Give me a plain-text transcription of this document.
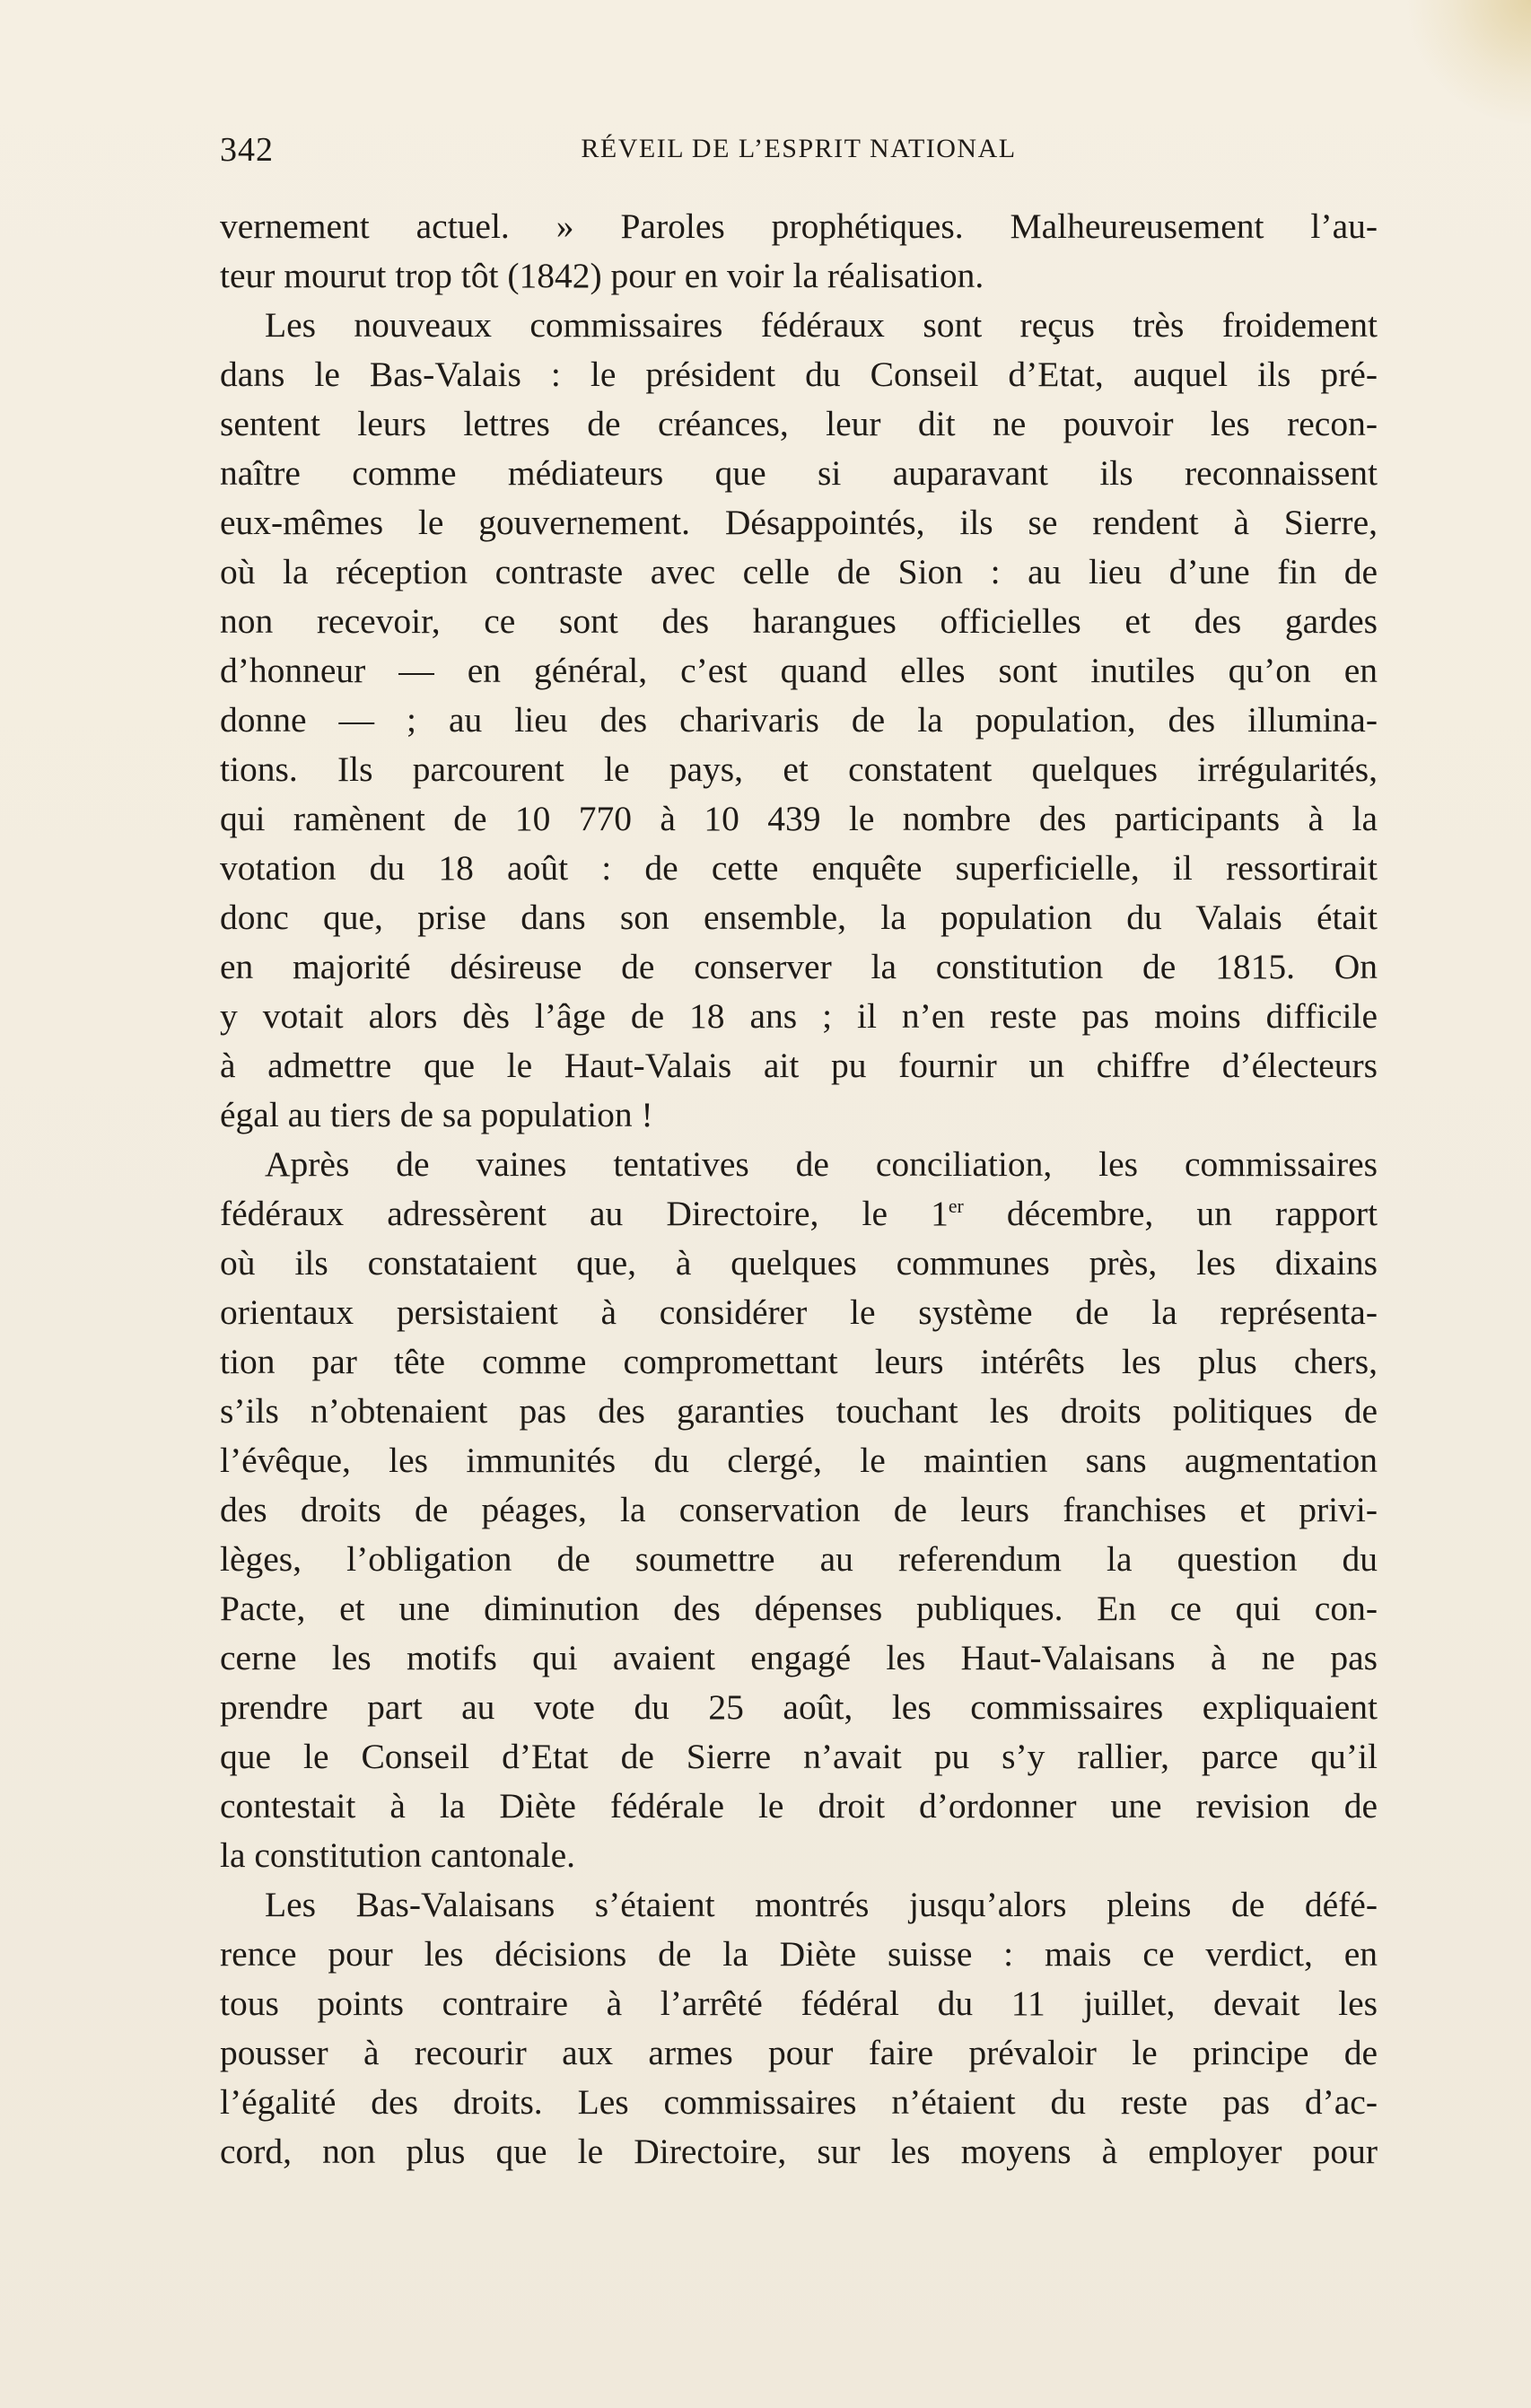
342	RÉVEIL DE L’ESPRIT NATIONAL
vernement actuel. » Paroles prophétiques. Malheureusement l’au-
teur mourut trop tôt (1842) pour en voir la réalisation.
Les nouveaux commissaires fédéraux sont reçus très froidement
dans le Bas-Valais : le président du Conseil d’Etat, auquel ils pré-
sentent leurs lettres de créances, leur dit ne pouvoir les recon-
naître comme médiateurs que si auparavant ils reconnaissent
eux-mêmes le gouvernement. Désappointés, ils se rendent à Sierre,
où la réception contraste avec celle de Sion : au lieu d’une fin de
non recevoir, ce sont des harangues officielles et des gardes
d’honneur — en général, c’est quand elles sont inutiles qu’on en
donne — ; au lieu des charivaris de la population, des illumina-
tions. Ils parcourent le pays, et constatent quelques irrégularités,
qui ramènent de 10 770 à 10 439 le nombre des participants à la
votation du 18 août : de cette enquête superficielle, il ressortirait
donc que, prise dans son ensemble, la population du Valais était
en majorité désireuse de conserver la constitution de 1815. On
y votait alors dès l’âge de 18 ans ; il n’en reste pas moins difficile
à admettre que le Haut-Valais ait pu fournir un chiffre d’électeurs
égal au tiers de sa population !
Après de vaines tentatives de conciliation, les commissaires
fédéraux adressèrent au Directoire, le 1er décembre, un rapport
où ils constataient que, à quelques communes près, les dixains
orientaux persistaient à considérer le système de la représenta-
tion par tête comme compromettant leurs intérêts les plus chers,
s’ils n’obtenaient pas des garanties touchant les droits politiques de
l’évêque, les immunités du clergé, le maintien sans augmentation
des droits de péages, la conservation de leurs franchises et privi-
lèges, l’obligation de soumettre au referendum la question du
Pacte, et une diminution des dépenses publiques. En ce qui con-
cerne les motifs qui avaient engagé les Haut-Valaisans à ne pas
prendre part au vote du 25 août, les commissaires expliquaient
que le Conseil d’Etat de Sierre n’avait pu s’y rallier, parce qu’il
contestait à la Diète fédérale le droit d’ordonner une revision de
la constitution cantonale.
Les Bas-Valaisans s’étaient montrés jusqu’alors pleins de défé-
rence pour les décisions de la Diète suisse : mais ce verdict, en
tous points contraire à l’arrêté fédéral du 11 juillet, devait les
pousser à recourir aux armes pour faire prévaloir le principe de
l’égalité des droits. Les commissaires n’étaient du reste pas d’ac-
cord, non plus que le Directoire, sur les moyens à employer pour
